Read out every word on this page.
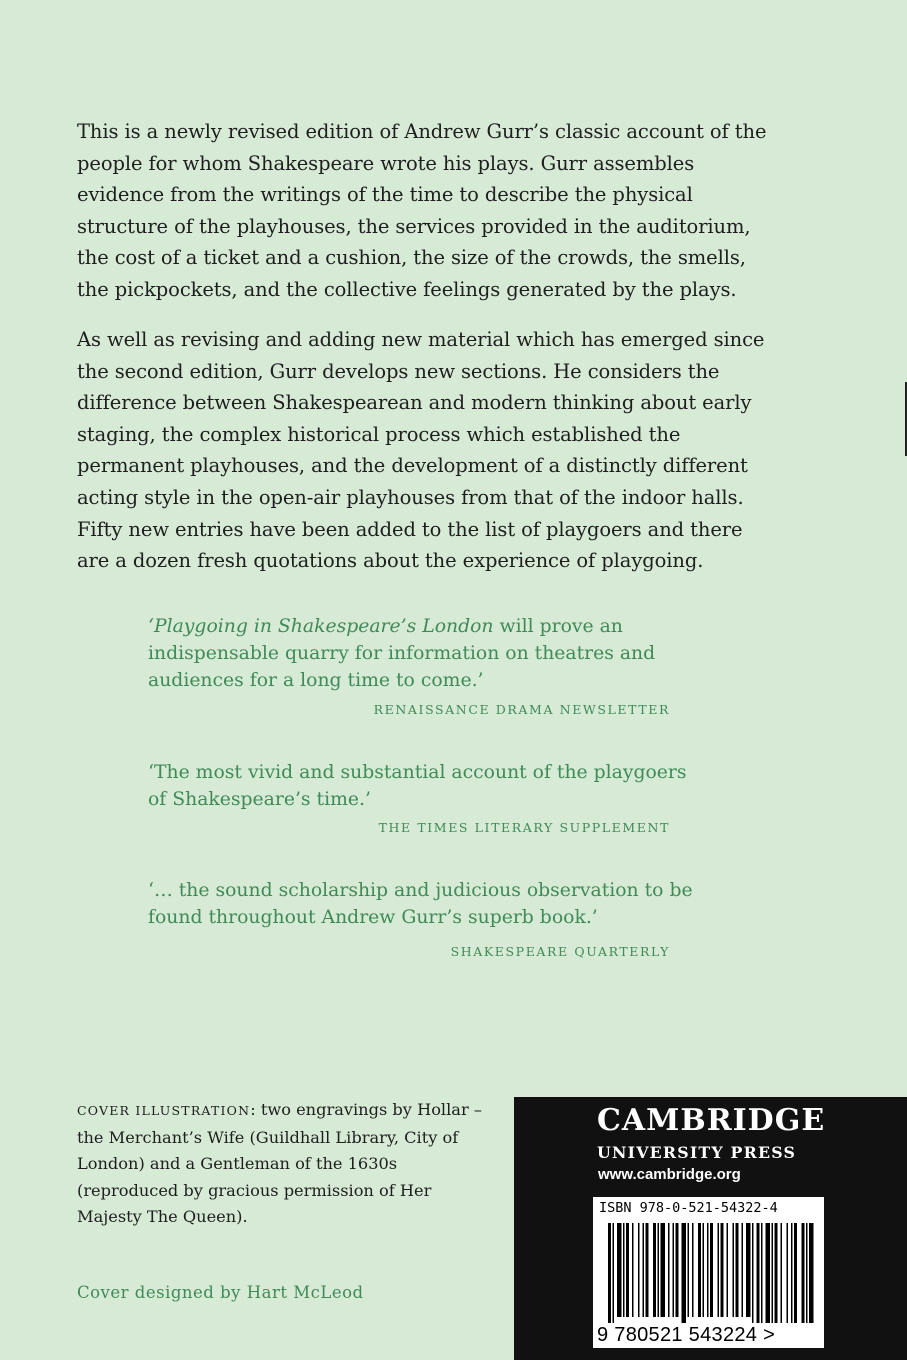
This is a newly revised edition of Andrew Gurr’s classic account of the people for whom Shakespeare wrote his plays. Gurr assembles evidence from the writings of the time to describe the physical structure of the playhouses, the services provided in the auditorium, the cost of a ticket and a cushion, the size of the crowds, the smells, the pickpockets, and the collective feelings generated by the plays.

As well as revising and adding new material which has emerged since the second edition, Gurr develops new sections. He considers the difference between Shakespearean and modern thinking about early staging, the complex historical process which established the permanent playhouses, and the development of a distinctly different acting style in the open-air playhouses from that of the indoor halls. Fifty new entries have been added to the list of playgoers and there are a dozen fresh quotations about the experience of playgoing.

‘Playgoing in Shakespeare’s London will prove an indispensable quarry for information on theatres and audiences for a long time to come.’

RENAISSANCE DRAMA NEWSLETTER

‘The most vivid and substantial account of the playgoers of Shakespeare’s time.’

THE TIMES LITERARY SUPPLEMENT

‘… the sound scholarship and judicious observation to be found throughout Andrew Gurr’s superb book.’

SHAKESPEARE QUARTERLY

COVER ILLUSTRATION: two engravings by Hollar – the Merchant’s Wife (Guildhall Library, City of London) and a Gentleman of the 1630s (reproduced by gracious permission of Her Majesty The Queen).

Cover designed by Hart McLeod
CAMBRIDGE
UNIVERSITY PRESS
www.cambridge.org
ISBN 978-0-521-54322-4
9 780521 543224 >
